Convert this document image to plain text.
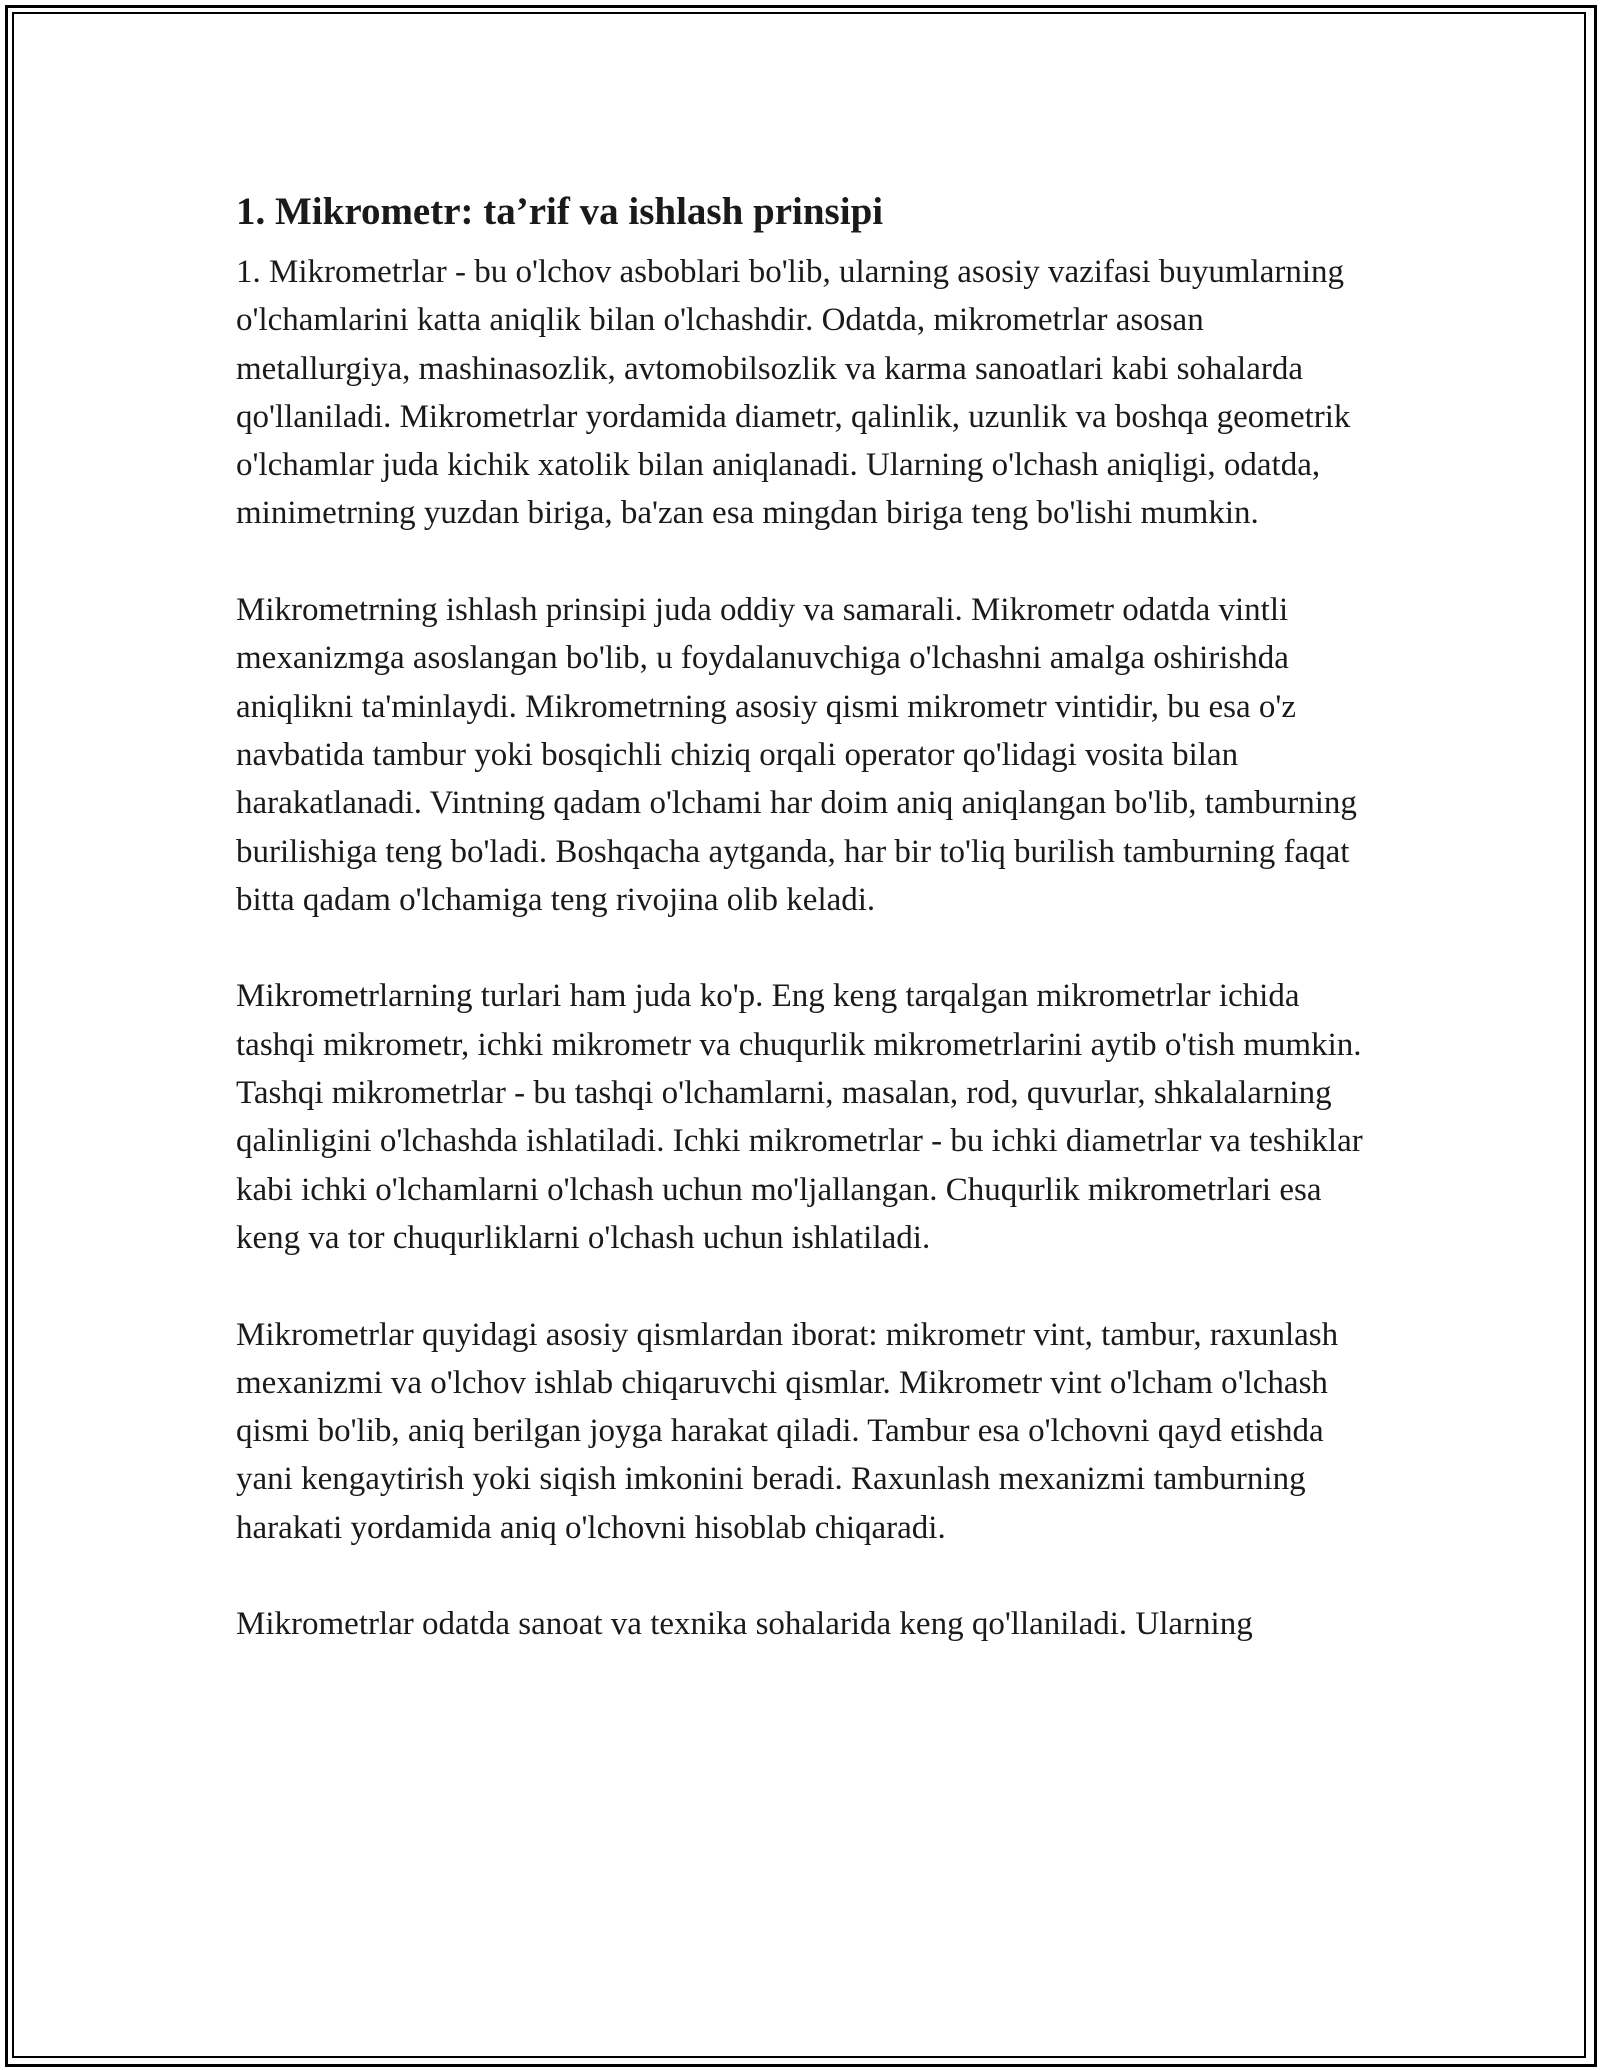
1. Mikrometr: ta’rif va ishlash prinsipi

1. Mikrometrlar - bu o'lchov asboblari bo'lib, ularning asosiy vazifasi buyumlarning o'lchamlarini katta aniqlik bilan o'lchashdir. Odatda, mikrometrlar asosan metallurgiya, mashinasozlik, avtomobilsozlik va karma sanoatlari kabi sohalarda qo'llaniladi. Mikrometrlar yordamida diametr, qalinlik, uzunlik va boshqa geometrik o'lchamlar juda kichik xatolik bilan aniqlanadi. Ularning o'lchash aniqligi, odatda, minimetrning yuzdan biriga, ba'zan esa mingdan biriga teng bo'lishi mumkin.

Mikrometrning ishlash prinsipi juda oddiy va samarali. Mikrometr odatda vintli mexanizmga asoslangan bo'lib, u foydalanuvchiga o'lchashni amalga oshirishda aniqlikni ta'minlaydi. Mikrometrning asosiy qismi mikrometr vintidir, bu esa o'z navbatida tambur yoki bosqichli chiziq orqali operator qo'lidagi vosita bilan harakatlanadi. Vintning qadam o'lchami har doim aniq aniqlangan bo'lib, tamburning burilishiga teng bo'ladi. Boshqacha aytganda, har bir to'liq burilish tamburning faqat bitta qadam o'lchamiga teng rivojina olib keladi.

Mikrometrlarning turlari ham juda ko'p. Eng keng tarqalgan mikrometrlar ichida tashqi mikrometr, ichki mikrometr va chuqurlik mikrometrlarini aytib o'tish mumkin. Tashqi mikrometrlar - bu tashqi o'lchamlarni, masalan, rod, quvurlar, shkalalarning qalinligini o'lchashda ishlatiladi. Ichki mikrometrlar - bu ichki diametrlar va teshiklar kabi ichki o'lchamlarni o'lchash uchun mo'ljallangan. Chuqurlik mikrometrlari esa keng va tor chuqurliklarni o'lchash uchun ishlatiladi.

Mikrometrlar quyidagi asosiy qismlardan iborat: mikrometr vint, tambur, raxunlash mexanizmi va o'lchov ishlab chiqaruvchi qismlar. Mikrometr vint o'lcham o'lchash qismi bo'lib, aniq berilgan joyga harakat qiladi. Tambur esa o'lchovni qayd etishda yani kengaytirish yoki siqish imkonini beradi. Raxunlash mexanizmi tamburning harakati yordamida aniq o'lchovni hisoblab chiqaradi.

Mikrometrlar odatda sanoat va texnika sohalarida keng qo'llaniladi. Ularning
